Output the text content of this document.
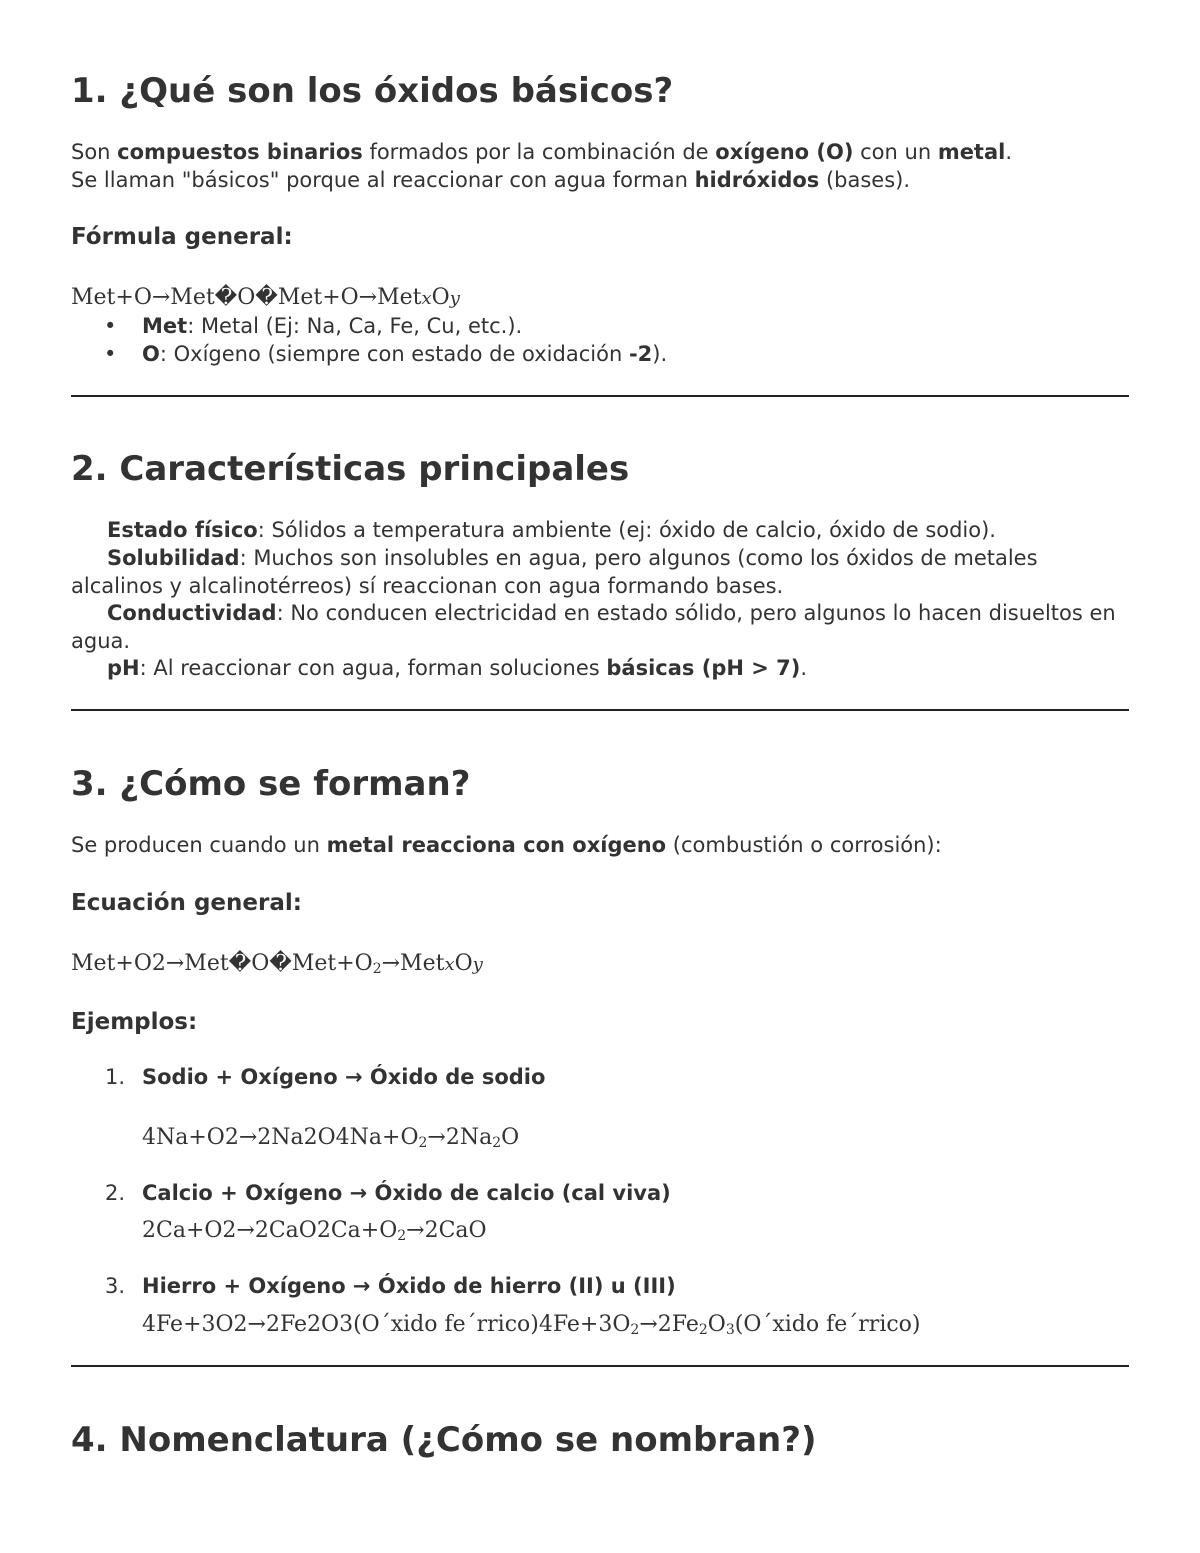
1. ¿Qué son los óxidos básicos?
Son compuestos binarios formados por la combinación de oxígeno (O) con un metal.
Se llaman "básicos" porque al reaccionar con agua forman hidróxidos (bases).
Fórmula general:
Met+O→Met�O�Met+O→MetxOy
• Met: Metal (Ej: Na, Ca, Fe, Cu, etc.).
• O: Oxígeno (siempre con estado de oxidación -2).
2. Características principales
Estado físico: Sólidos a temperatura ambiente (ej: óxido de calcio, óxido de sodio).
Solubilidad: Muchos son insolubles en agua, pero algunos (como los óxidos de metales alcalinos y alcalinotérreos) sí reaccionan con agua formando bases.
Conductividad: No conducen electricidad en estado sólido, pero algunos lo hacen disueltos en agua.
pH: Al reaccionar con agua, forman soluciones básicas (pH > 7).
3. ¿Cómo se forman?
Se producen cuando un metal reacciona con oxígeno (combustión o corrosión):
Ecuación general:
$Met+O2\to Met�O�Met+O_2\to MetxOy$
Ejemplos:
1. Sodio + Oxígeno → Óxido de sodio
$4Na+O2\to 2Na2O4Na+O_2\to 2Na_2O$
2. Calcio + Oxígeno → Óxido de calcio (cal viva)
$2Ca+O2\to 2CaO2Ca+O_2\to 2CaO$
3. Hierro + Oxígeno → Óxido de hierro (II) u (III)
4Fe+3O2→2Fe2O3(O´xido $fe´rrico)4Fe+3O_2\to 2Fe_2O_3(O´xido$ fe´rrico)
4. Nomenclatura (¿Cómo se nombran?)
